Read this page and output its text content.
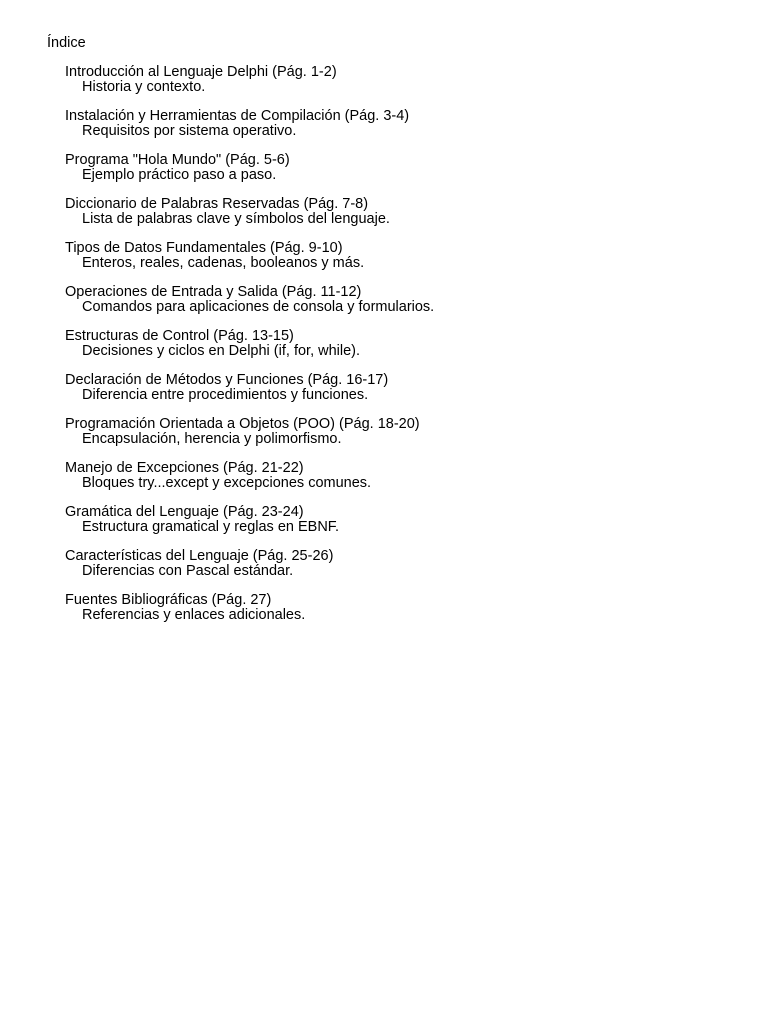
Índice
Introducción al Lenguaje Delphi (Pág. 1-2)
Historia y contexto.
Instalación y Herramientas de Compilación (Pág. 3-4)
Requisitos por sistema operativo.
Programa "Hola Mundo" (Pág. 5-6)
Ejemplo práctico paso a paso.
Diccionario de Palabras Reservadas (Pág. 7-8)
Lista de palabras clave y símbolos del lenguaje.
Tipos de Datos Fundamentales (Pág. 9-10)
Enteros, reales, cadenas, booleanos y más.
Operaciones de Entrada y Salida (Pág. 11-12)
Comandos para aplicaciones de consola y formularios.
Estructuras de Control (Pág. 13-15)
Decisiones y ciclos en Delphi (if, for, while).
Declaración de Métodos y Funciones (Pág. 16-17)
Diferencia entre procedimientos y funciones.
Programación Orientada a Objetos (POO) (Pág. 18-20)
Encapsulación, herencia y polimorfismo.
Manejo de Excepciones (Pág. 21-22)
Bloques try...except y excepciones comunes.
Gramática del Lenguaje (Pág. 23-24)
Estructura gramatical y reglas en EBNF.
Características del Lenguaje (Pág. 25-26)
Diferencias con Pascal estándar.
Fuentes Bibliográficas (Pág. 27)
Referencias y enlaces adicionales.
